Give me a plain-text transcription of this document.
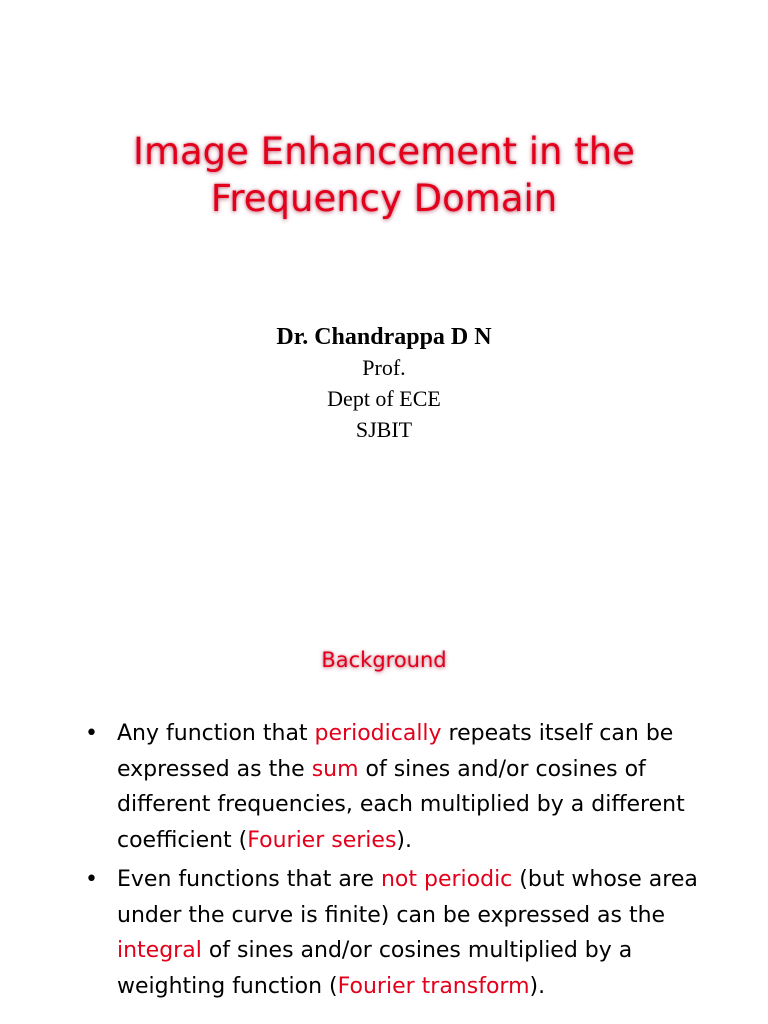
Image Enhancement in the
Frequency Domain
Dr. Chandrappa D N
Prof.
Dept of ECE
SJBIT
Background
• Any function that periodically repeats itself can be expressed as the sum of sines and/or cosines of different frequencies, each multiplied by a different coefficient (Fourier series).
• Even functions that are not periodic (but whose area under the curve is finite) can be expressed as the integral of sines and/or cosines multiplied by a weighting function (Fourier transform).
